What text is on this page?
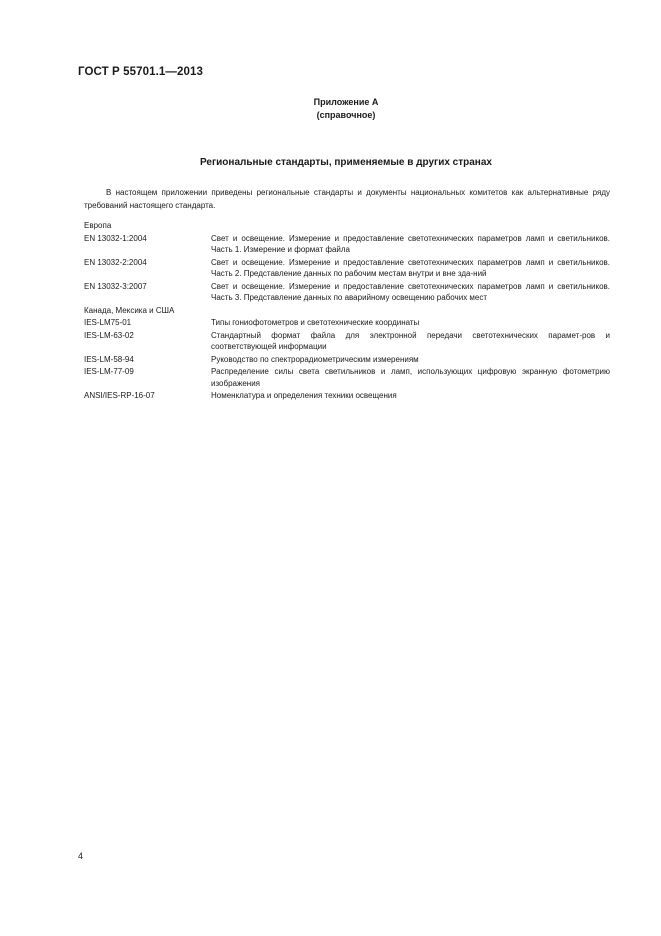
ГОСТ Р 55701.1—2013
Приложение А
(справочное)
Региональные стандарты, применяемые в других странах
В настоящем приложении приведены региональные стандарты и документы национальных комитетов как альтернативные ряду требований настоящего стандарта.
Европа
EN 13032-1:2004	Свет и освещение. Измерение и предоставление светотехнических параметров ламп и светильников. Часть 1. Измерение и формат файла
EN 13032-2:2004	Свет и освещение. Измерение и предоставление светотехнических параметров ламп и светильников. Часть 2. Представление данных по рабочим местам внутри и вне зда-ний
EN 13032-3:2007	Свет и освещение. Измерение и предоставление светотехнических параметров ламп и светильников. Часть 3. Представление данных по аварийному освещению рабочих мест
Канада, Мексика и США
IES-LM75-01	Типы гониофотометров и светотехнические координаты
IES-LM-63-02	Стандартный формат файла для электронной передачи светотехнических парамет-ров и соответствующей информации
IES-LM-58-94	Руководство по спектрорадиометрическим измерениям
IES-LM-77-09	Распределение силы света светильников и ламп, использующих цифровую экранную фотометрию изображения
ANSI/IES-RP-16-07	Номенклатура и определения техники освещения
4
